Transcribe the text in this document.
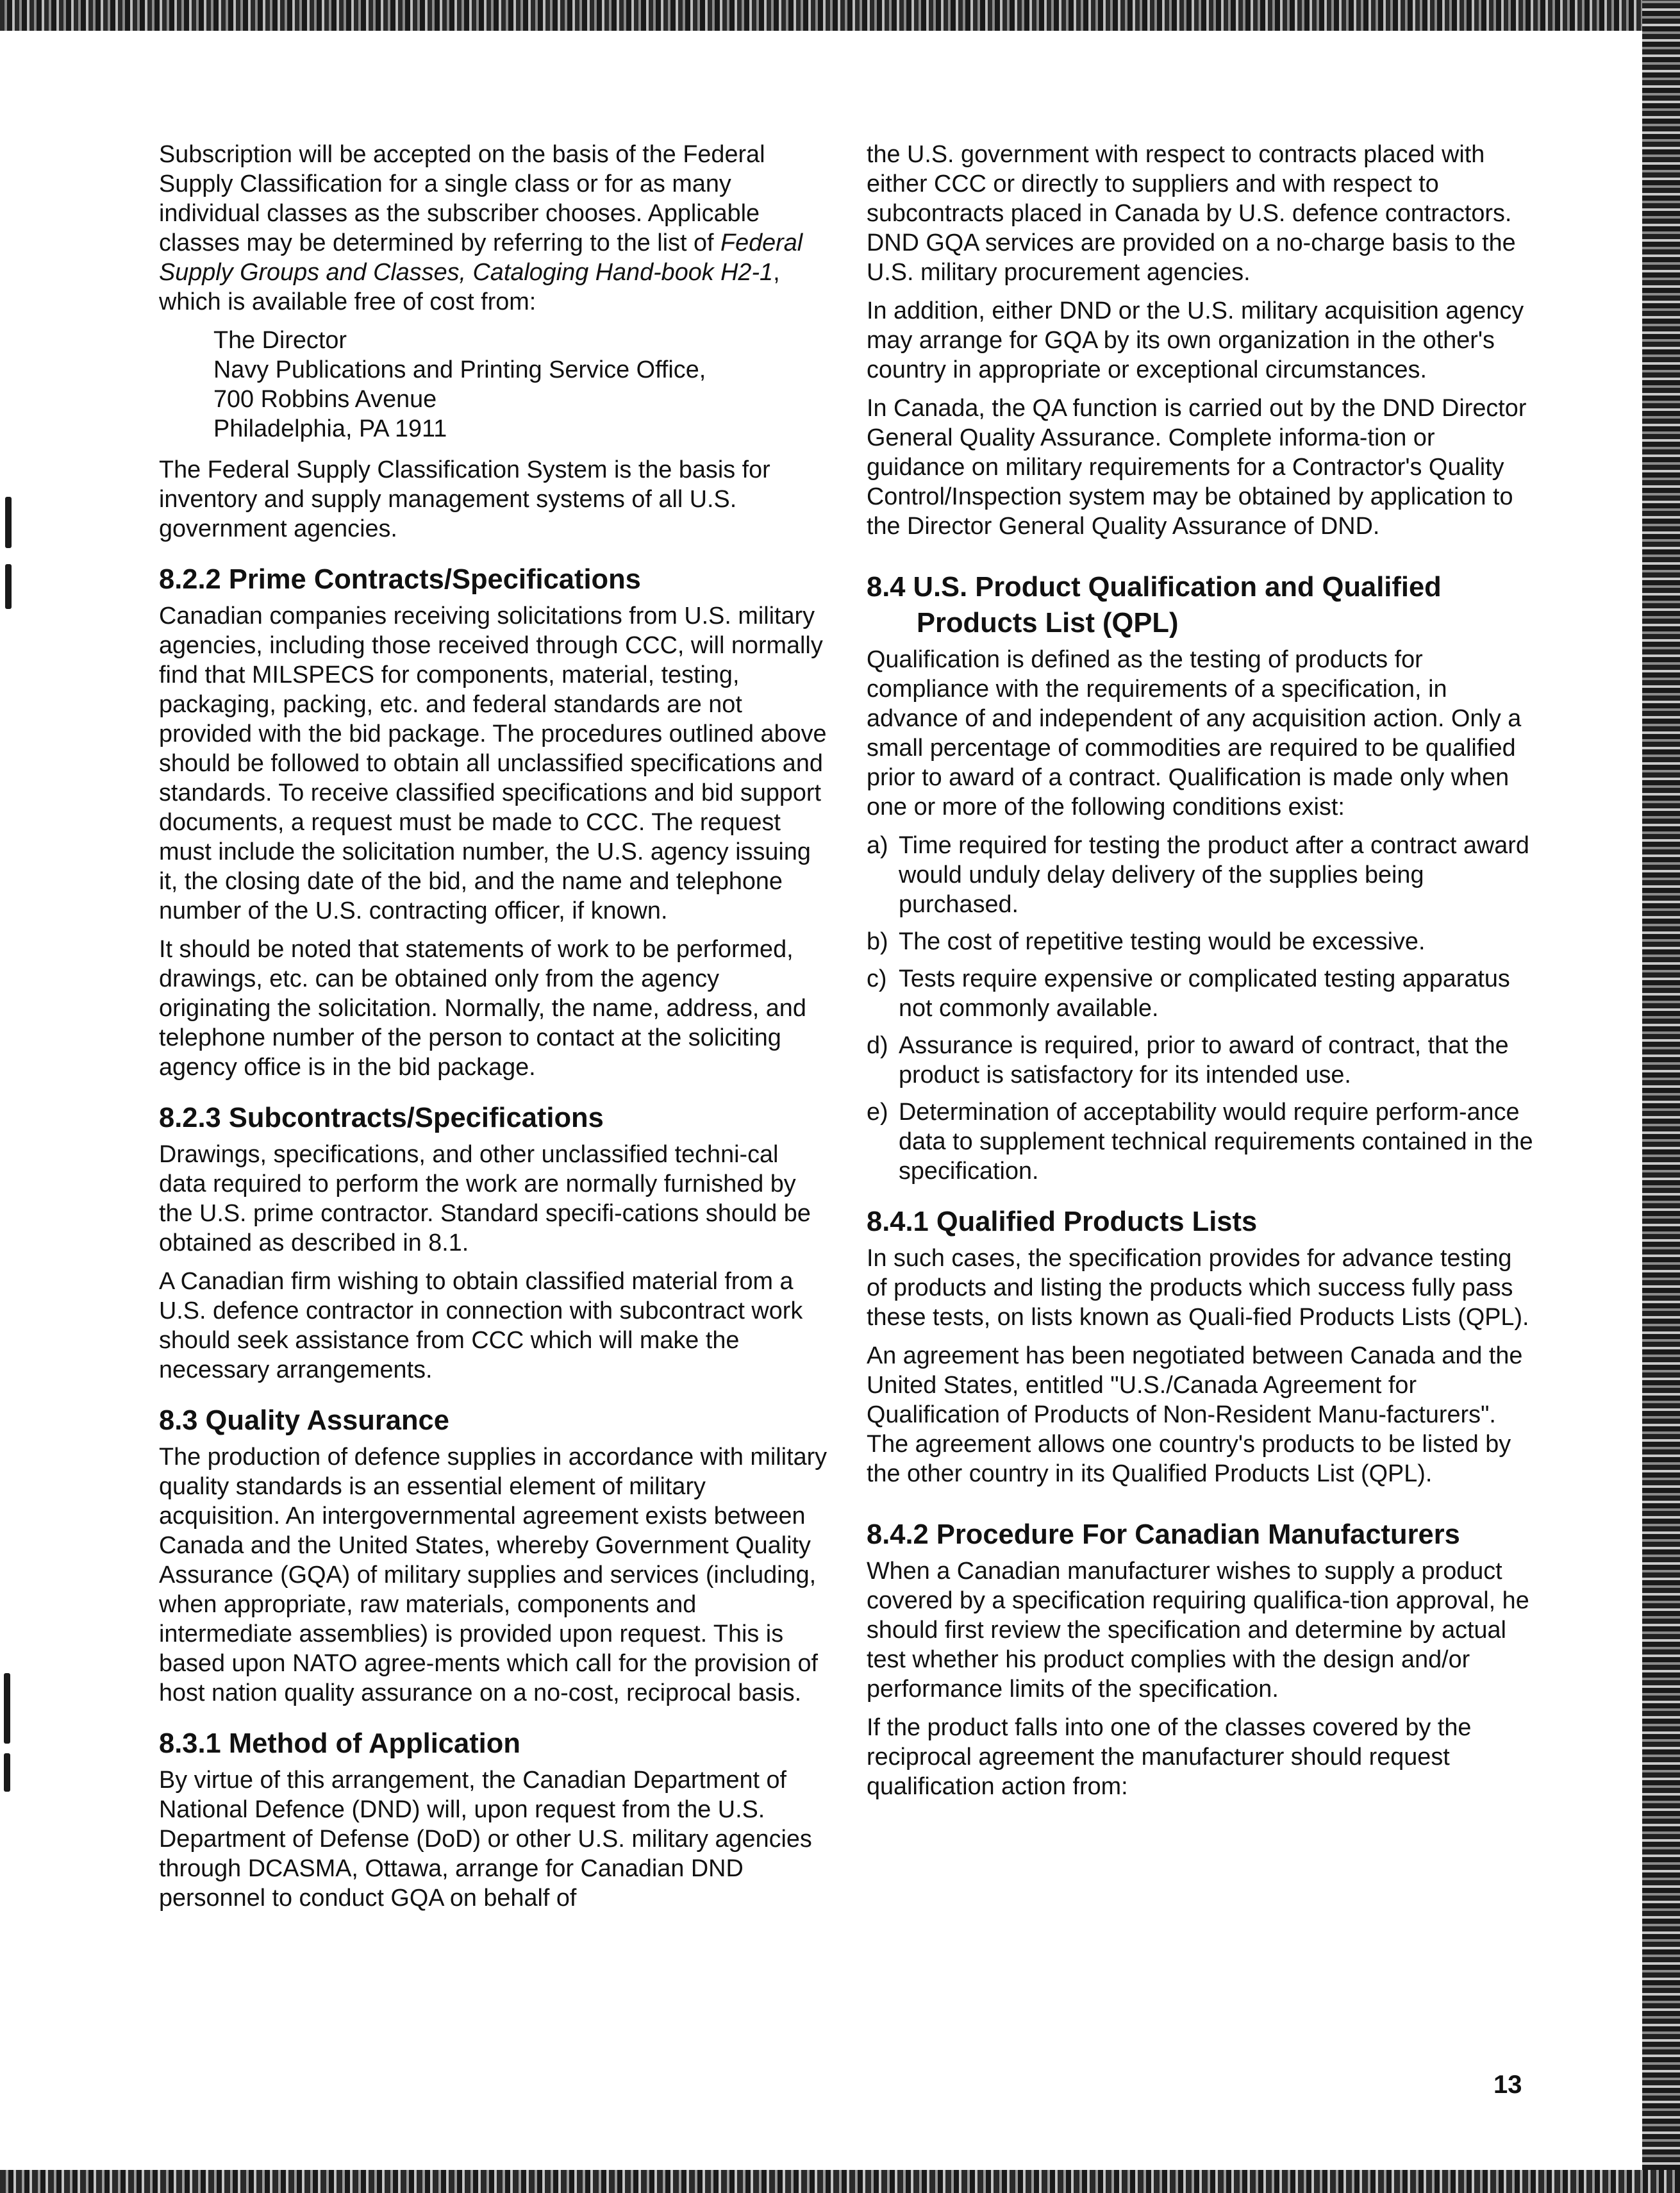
Subscription will be accepted on the basis of the Federal Supply Classification for a single class or for as many individual classes as the subscriber chooses. Applicable classes may be determined by referring to the list of Federal Supply Groups and Classes, Cataloging Hand-book H2-1, which is available free of cost from:

The Director
Navy Publications and Printing Service Office,
700 Robbins Avenue
Philadelphia, PA 1911

The Federal Supply Classification System is the basis for inventory and supply management systems of all U.S. government agencies.

8.2.2 Prime Contracts/Specifications

Canadian companies receiving solicitations from U.S. military agencies, including those received through CCC, will normally find that MILSPECS for components, material, testing, packaging, packing, etc. and federal standards are not provided with the bid package. The procedures outlined above should be followed to obtain all unclassified specifications and standards. To receive classified specifications and bid support documents, a request must be made to CCC. The request must include the solicitation number, the U.S. agency issuing it, the closing date of the bid, and the name and telephone number of the U.S. contracting officer, if known.

It should be noted that statements of work to be performed, drawings, etc. can be obtained only from the agency originating the solicitation. Normally, the name, address, and telephone number of the person to contact at the soliciting agency office is in the bid package.

8.2.3 Subcontracts/Specifications

Drawings, specifications, and other unclassified techni-cal data required to perform the work are normally furnished by the U.S. prime contractor. Standard specifi-cations should be obtained as described in 8.1.

A Canadian firm wishing to obtain classified material from a U.S. defence contractor in connection with subcontract work should seek assistance from CCC which will make the necessary arrangements.

8.3 Quality Assurance

The production of defence supplies in accordance with military quality standards is an essential element of military acquisition. An intergovernmental agreement exists between Canada and the United States, whereby Government Quality Assurance (GQA) of military supplies and services (including, when appropriate, raw materials, components and intermediate assemblies) is provided upon request. This is based upon NATO agree-ments which call for the provision of host nation quality assurance on a no-cost, reciprocal basis.

8.3.1 Method of Application

By virtue of this arrangement, the Canadian Department of National Defence (DND) will, upon request from the U.S. Department of Defense (DoD) or other U.S. military agencies through DCASMA, Ottawa, arrange for Canadian DND personnel to conduct GQA on behalf of

the U.S. government with respect to contracts placed with either CCC or directly to suppliers and with respect to subcontracts placed in Canada by U.S. defence contractors. DND GQA services are provided on a no-charge basis to the U.S. military procurement agencies.

In addition, either DND or the U.S. military acquisition agency may arrange for GQA by its own organization in the other's country in appropriate or exceptional circumstances.

In Canada, the QA function is carried out by the DND Director General Quality Assurance. Complete informa-tion or guidance on military requirements for a Contractor's Quality Control/Inspection system may be obtained by application to the Director General Quality Assurance of DND.

8.4 U.S. Product Qualification and Qualified Products List (QPL)

Qualification is defined as the testing of products for compliance with the requirements of a specification, in advance of and independent of any acquisition action. Only a small percentage of commodities are required to be qualified prior to award of a contract. Qualification is made only when one or more of the following conditions exist:

a) Time required for testing the product after a contract award would unduly delay delivery of the supplies being purchased.
b) The cost of repetitive testing would be excessive.
c) Tests require expensive or complicated testing apparatus not commonly available.
d) Assurance is required, prior to award of contract, that the product is satisfactory for its intended use.
e) Determination of acceptability would require perform-ance data to supplement technical requirements contained in the specification.
8.4.1 Qualified Products Lists

In such cases, the specification provides for advance testing of products and listing the products which success fully pass these tests, on lists known as Quali-fied Products Lists (QPL).

An agreement has been negotiated between Canada and the United States, entitled "U.S./Canada Agreement for Qualification of Products of Non-Resident Manu-facturers". The agreement allows one country's products to be listed by the other country in its Qualified Products List (QPL).

8.4.2 Procedure For Canadian Manufacturers

When a Canadian manufacturer wishes to supply a product covered by a specification requiring qualifica-tion approval, he should first review the specification and determine by actual test whether his product complies with the design and/or performance limits of the specification.

If the product falls into one of the classes covered by the reciprocal agreement the manufacturer should request qualification action from:

13
